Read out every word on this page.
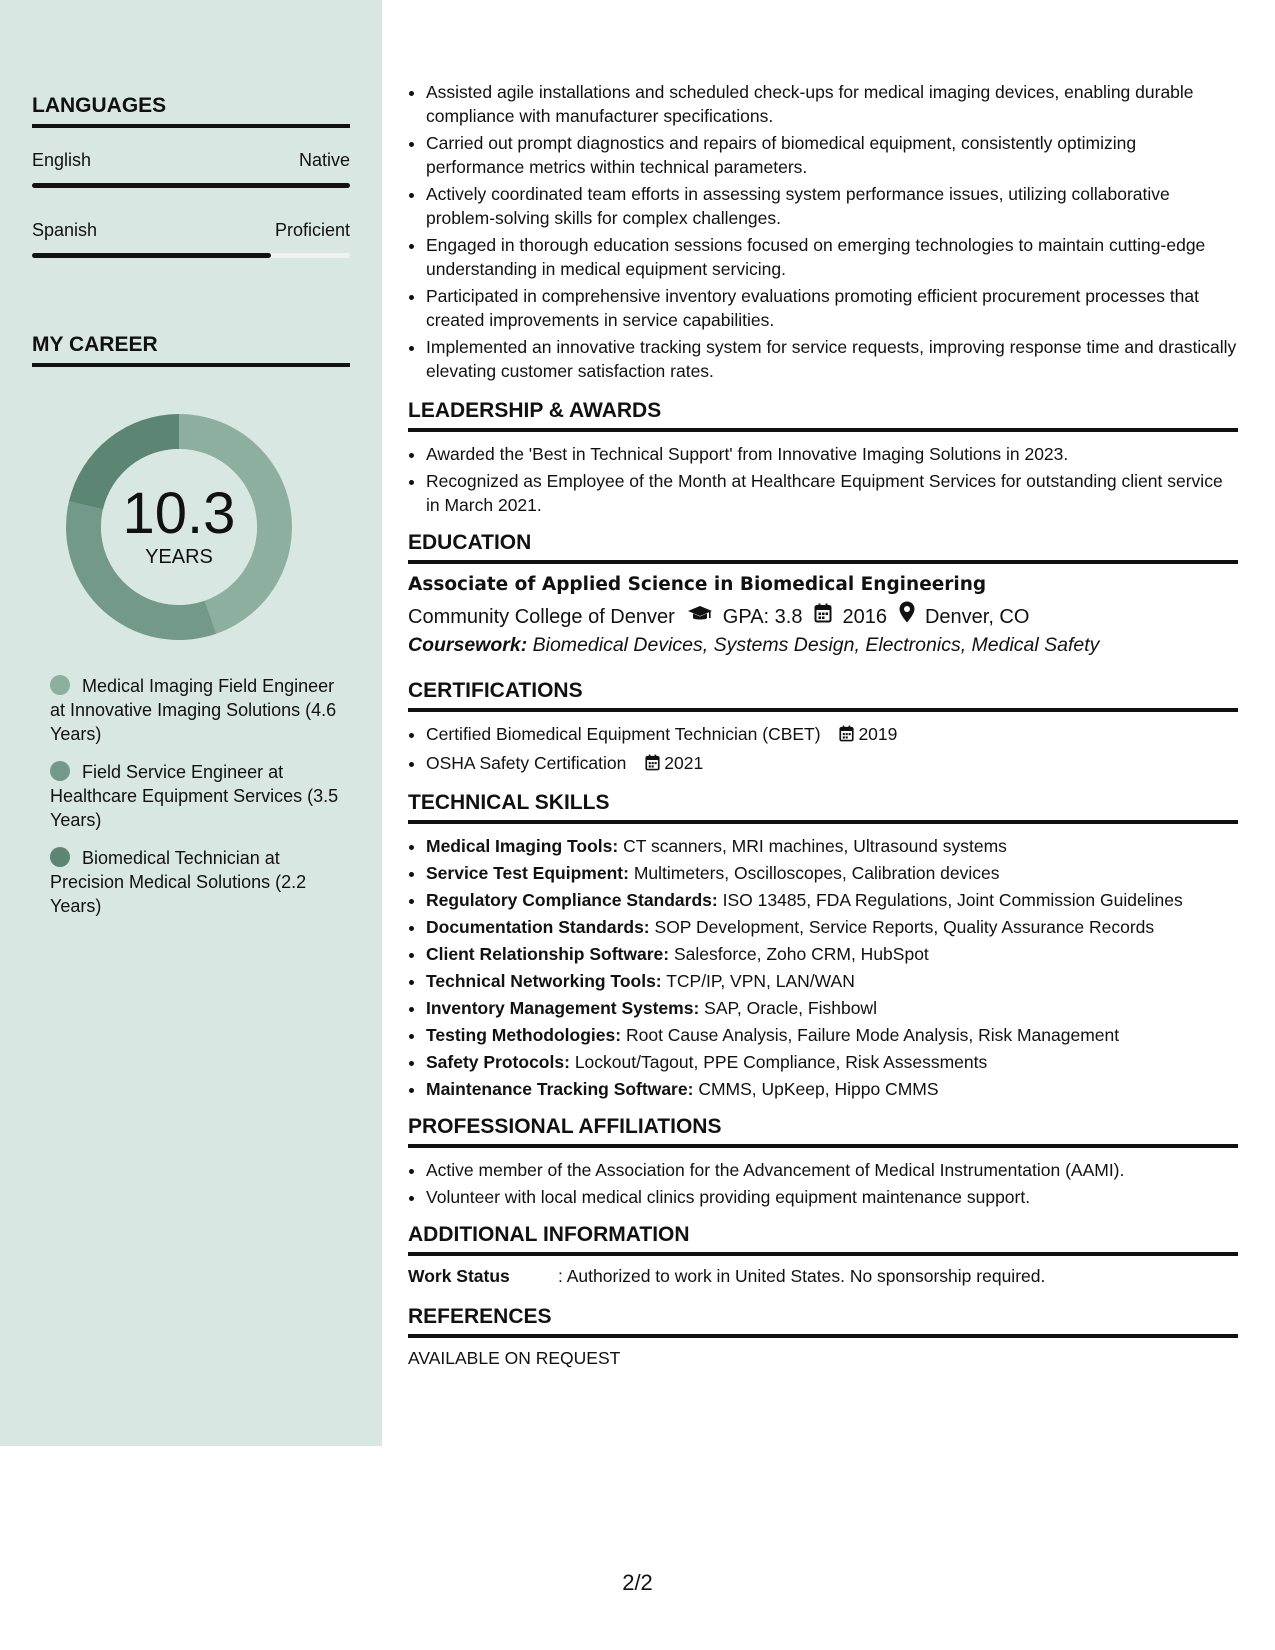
LANGUAGES
English	Native
Spanish	Proficient
MY CAREER
10.3
YEARS
Medical Imaging Field Engineer at Innovative Imaging Solutions (4.6 Years)
Field Service Engineer at Healthcare Equipment Services (3.5 Years)
Biomedical Technician at Precision Medical Solutions (2.2 Years)
• Assisted agile installations and scheduled check-ups for medical imaging devices, enabling durable compliance with manufacturer specifications.
• Carried out prompt diagnostics and repairs of biomedical equipment, consistently optimizing performance metrics within technical parameters.
• Actively coordinated team efforts in assessing system performance issues, utilizing collaborative problem-solving skills for complex challenges.
• Engaged in thorough education sessions focused on emerging technologies to maintain cutting-edge understanding in medical equipment servicing.
• Participated in comprehensive inventory evaluations promoting efficient procurement processes that created improvements in service capabilities.
• Implemented an innovative tracking system for service requests, improving response time and drastically elevating customer satisfaction rates.
LEADERSHIP & AWARDS
• Awarded the 'Best in Technical Support' from Innovative Imaging Solutions in 2023.
• Recognized as Employee of the Month at Healthcare Equipment Services for outstanding client service in March 2021.
EDUCATION
Associate of Applied Science in Biomedical Engineering
Community College of Denver GPA: 3.8 2016 Denver, CO
Coursework: Biomedical Devices, Systems Design, Electronics, Medical Safety
CERTIFICATIONS
• Certified Biomedical Equipment Technician (CBET) 2019
• OSHA Safety Certification 2021
TECHNICAL SKILLS
• Medical Imaging Tools: CT scanners, MRI machines, Ultrasound systems
• Service Test Equipment: Multimeters, Oscilloscopes, Calibration devices
• Regulatory Compliance Standards: ISO 13485, FDA Regulations, Joint Commission Guidelines
• Documentation Standards: SOP Development, Service Reports, Quality Assurance Records
• Client Relationship Software: Salesforce, Zoho CRM, HubSpot
• Technical Networking Tools: TCP/IP, VPN, LAN/WAN
• Inventory Management Systems: SAP, Oracle, Fishbowl
• Testing Methodologies: Root Cause Analysis, Failure Mode Analysis, Risk Management
• Safety Protocols: Lockout/Tagout, PPE Compliance, Risk Assessments
• Maintenance Tracking Software: CMMS, UpKeep, Hippo CMMS
PROFESSIONAL AFFILIATIONS
• Active member of the Association for the Advancement of Medical Instrumentation (AAMI).
• Volunteer with local medical clinics providing equipment maintenance support.
ADDITIONAL INFORMATION
Work Status	: Authorized to work in United States. No sponsorship required.
REFERENCES
AVAILABLE ON REQUEST
2/2
